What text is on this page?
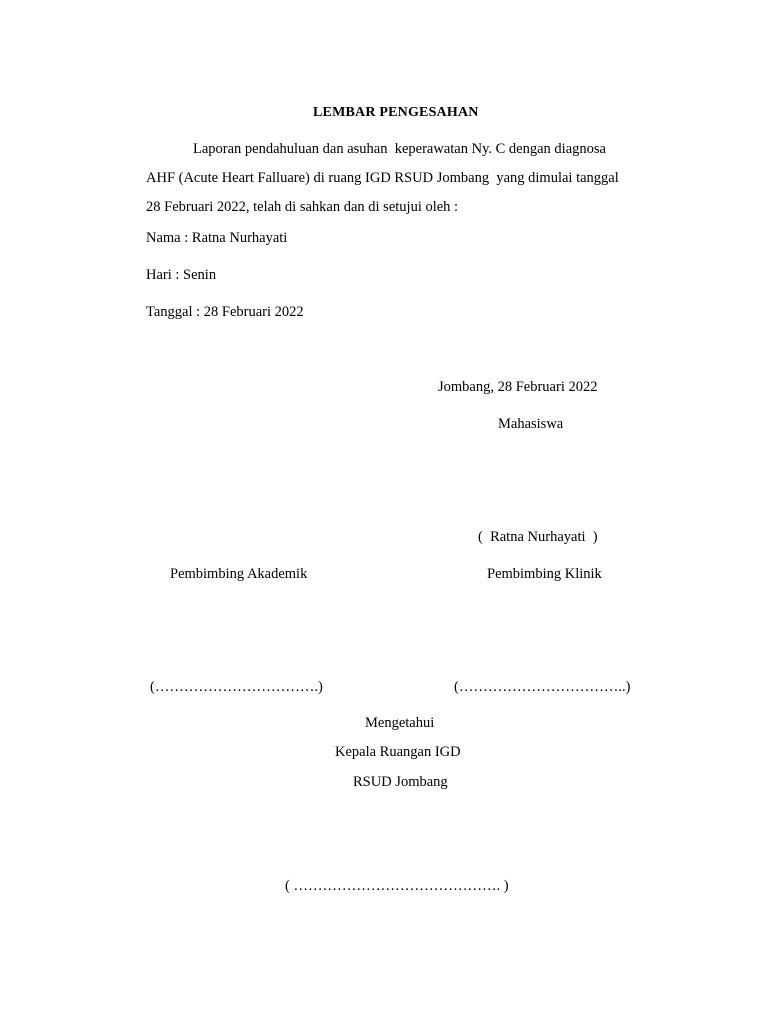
LEMBAR PENGESAHAN
Laporan pendahuluan dan asuhan  keperawatan Ny. C dengan diagnosa
AHF (Acute Heart Falluare) di ruang IGD RSUD Jombang  yang dimulai tanggal
28 Februari 2022, telah di sahkan dan di setujui oleh :
Nama : Ratna Nurhayati
Hari : Senin
Tanggal : 28 Februari 2022
Jombang, 28 Februari 2022
Mahasiswa
(  Ratna Nurhayati  )
Pembimbing Akademik	Pembimbing Klinik
(…………………………….)	(……………………………..)
Mengetahui
Kepala Ruangan IGD
RSUD Jombang
( ……………………………………. )
